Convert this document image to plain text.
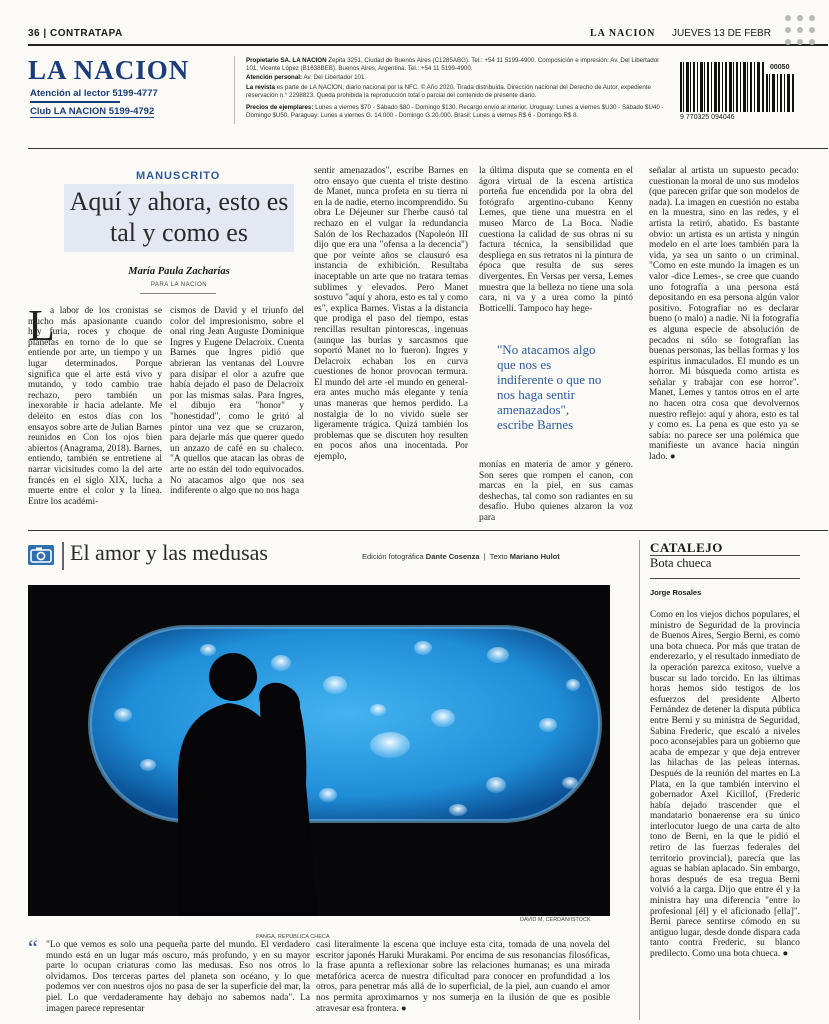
36 | CONTRATAPA	LA NACION JUEVES 13 DE FEBR
LA NACION
Atención al lector 5199-4777
Club LA NACION 5199-4792
Propietario SA. LA NACION Zepita 3251, Ciudad de Buenos Aires (C1285ABG). Tel.: +54 11 5199-4900. Composición e impresión: Av. Del Libertador 101, Vicente López (B1638BEB). Buenos Aires, Argentina. Tel.: +54 11 5199-4900.
Atención personal: Av. Del Libertador 101.
La revista es parte de LA NACION, diario nacional por la NFC. © Año 2020. Tirada distribuida. Dirección nacional del Derecho de Autor, expediente reservación n.° 2298823. Queda prohibida la reproducción total o parcial del contenido de presente diario.
Precios de ejemplares: Lunes a viernes $70 - Sábado $80 - Domingo $130. Recargo envío al interior. Uruguay: Lunes a viernes $U30 - Sábado $U40 - Domingo $U50. Paraguay: Lunes a viernes G. 14.000 - Domingo G.20.000. Brasil: Lunes a viernes R$ 6 - Domingo R$ 8.	9 770325 094046
00050
MANUSCRITO
Aquí y ahora, esto es tal y como es
María Paula Zacharías
PARA LA NACION
L
a labor de los cronistas se mucho más apasionante cuando hay furia, roces y choque de planetas en torno de lo que se entiende por arte, un tiempo y un lugar determinados. Porque significa que el arte está vivo y mutando, y todo cambio trae rechazo, pero también un inexorable ir hacia adelante. Me deleito en estos días con los ensayos sobre arte de Julian Barnes reunidos en Con los ojos bien abiertos (Anagrama, 2018). Barnes, entiendo, también se entretiene al narrar vicisitudes como la del arte francés en el siglo XIX, lucha a muerte entre el color y la línea. Entre los académi-
cismos de David y el triunfo del color del impresionismo, sobre el onal ring Jean Auguste Dominique Ingres y Eugene Delacroix. Cuenta Barnes que Ingres pidió que abrieran las ventanas del Louvre para disipar el olor a azufre que había dejado el paso de Delacroix por las mismas salas. Para Ingres, el dibujo era "honor" y "honestidad", como le gritó al pintor una vez que se cruzaron, para dejarle más que querer quedo un anzazo de café en su chaleco. "A quellos que atacan las obras de arte no están del todo equivocados. No atacamos algo que nos sea indiferente o algo que no nos haga
sentir amenazados", escribe Barnes en otro ensayo que cuenta el triste destino de Manet, nunca profeta en su tierra ni en la de nadie, eterno incomprendido. Su obra Le Déjeuner sur l'herbe causó tal rechazo en el vulgar la redundancia Salón de los Rechazados (Napoleón III dijo que era una "ofensa a la decencia") que por veinte años se clausuró esa instancia de exhibición. Resultaba inaceptable un arte que no tratara temas sublimes y elevados. Pero Manet sostuvo "aquí y ahora, esto es tal y como es", explica Barnes. Vistas a la distancia que prodiga el paso del tiempo, estas rencillas resultan pintorescas, ingenuas (aunque las burlas y sarcasmos que soportó Manet no lo fueron). Ingres y Delacroix echaban los en curva cuestiones de honor provocan termura. El mundo del arte -el mundo en general- era antes mucho más elegante y tenía unas maneras que hemos perdido. La nostalgia de lo no vivido suele ser ligeramente trágica. Quizá también los problemas que se discuten hoy resulten en pocos años una inocentada. Por ejemplo,
la última disputa que se comenta en el ágora virtual de la escena artística porteña fue encendida por la obra del fotógrafo argentino-cubano Kenny Lemes, que tiene una muestra en el museo Marco de La Boca. Nadie cuestiona la calidad de sus obras ni su factura técnica, la sensibilidad que despliega en sus retratos ni la pintura de época que resulta de sus seres divergentes. En Versas per versa, Lemes muestra que la belleza no tiene una sola cara, ni va y a urea como la pintó Botticelli. Tampoco hay hege-
"No atacamos algo que nos es indiferente o que no nos haga sentir amenazados", escribe Barnes
monías en materia de amor y género. Son seres que rompen el canon, con marcas en la piel, en sus camas deshechas, tal como son radiantes en su desafío. Hubo quienes alzaron la voz para
señalar al artista un supuesto pecado: cuestionan la moral de uno sus modelos (que parecen grifar que son modelos de nada). La imagen en cuestión no estaba en la muestra, sino en las redes, y el artista la retiró, abatido. Es bastante obvio: un artista es un artista y ningún modelo en el arte loes también para la vida, ya sea un santo o un criminal. "Como en este mundo la imagen es un valor -dice Lemes-, se cree que cuando uno fotografía a una persona está depositando en esa persona algún valor positivo. Fotografiar no es declarar bueno (o malo) a nadie. Ni la fotografía es alguna especie de absolución de pecados ni sólo se fotografían las buenas personas, las bellas formas y los espíritus inmaculados. El mundo es un horror. Mi búsqueda como artista es señalar y trabajar con ese horror". Manet, Lemes y tantos otros en el arte no hacen otra cosa que devolvernos nuestro reflejo: aquí y ahora, esto es tal y como es. La pena es que esto ya se sabía: no parece ser una polémica que manifieste un avance hacia ningún lado. ●
El amor y las medusas	Edición fotográfica Dante Cosenza  |  Texto Mariano Hulot
DAVID M. CERDÁN/ISTOCK
PANGA, REPÚBLICA CHECA
“ "Lo que vemos es solo una pequeña parte del mundo. El verdadero mundo está en un lugar más oscuro, más profundo, y en su mayor parte lo ocupan criaturas como las medusas. Eso nos otros lo olvidamos. Dos terceras partes del planeta son océano, y lo que podemos ver con nuestros ojos no pasa de ser la superficie del mar, la piel. Lo que verdaderamente hay debajo no sabemos nada". La imagen parece representar
casi literalmente la escena que incluye esta cita, tomada de una novela del escritor japonés Haruki Murakami. Por encima de sus resonancias filosóficas, la frase apunta a reflexionar sobre las relaciones humanas; es una mirada metafórica acerca de nuestra dificultad para conocer en profundidad a los otros, para penetrar más allá de lo superficial, de la piel, aun cuando el amor nos permita aproximarnos y nos sumerja en la ilusión de que es posible atravesar esa frontera. ●
CATALEJO
Bota chueca
Jorge Rosales
Como en los viejos dichos populares, el ministro de Seguridad de la provincia de Buenos Aires, Sergio Berni, es como una bota chueca. Por más que tratan de enderezarlo, y el resultado inmediato de la operación parezca exitoso, vuelve a buscar su lado torcido. En las últimas horas hemos sido testigos de los esfuerzos del presidente Alberto Fernández de detener la disputa pública entre Berni y su ministra de Seguridad, Sabina Frederic, que escaló a niveles poco aconsejables para un gobierno que acaba de empezar y que deja entrever las hilachas de las peleas internas. Después de la reunión del martes en La Plata, en la que también intervino el gobernador Axel Kicillof, (Frederic había dejado trascender que el mandatario bonaerense era su único interlocutor luego de una carta de alto tono de Berni, en la que le pidió el retiro de las fuerzas federales del territorio provincial), parecía que las aguas se habían aplacado. Sin embargo, horas después de esa tregua Berni volvió a la carga. Dijo que entre él y la ministra hay una diferencia "entre lo profesional [él] y el aficionado [ella]". Berni parece sentirse cómodo en su antiguo lugar, desde donde dispara cada tanto contra Frederic, su blanco predilecto. Como una bota chueca. ●
